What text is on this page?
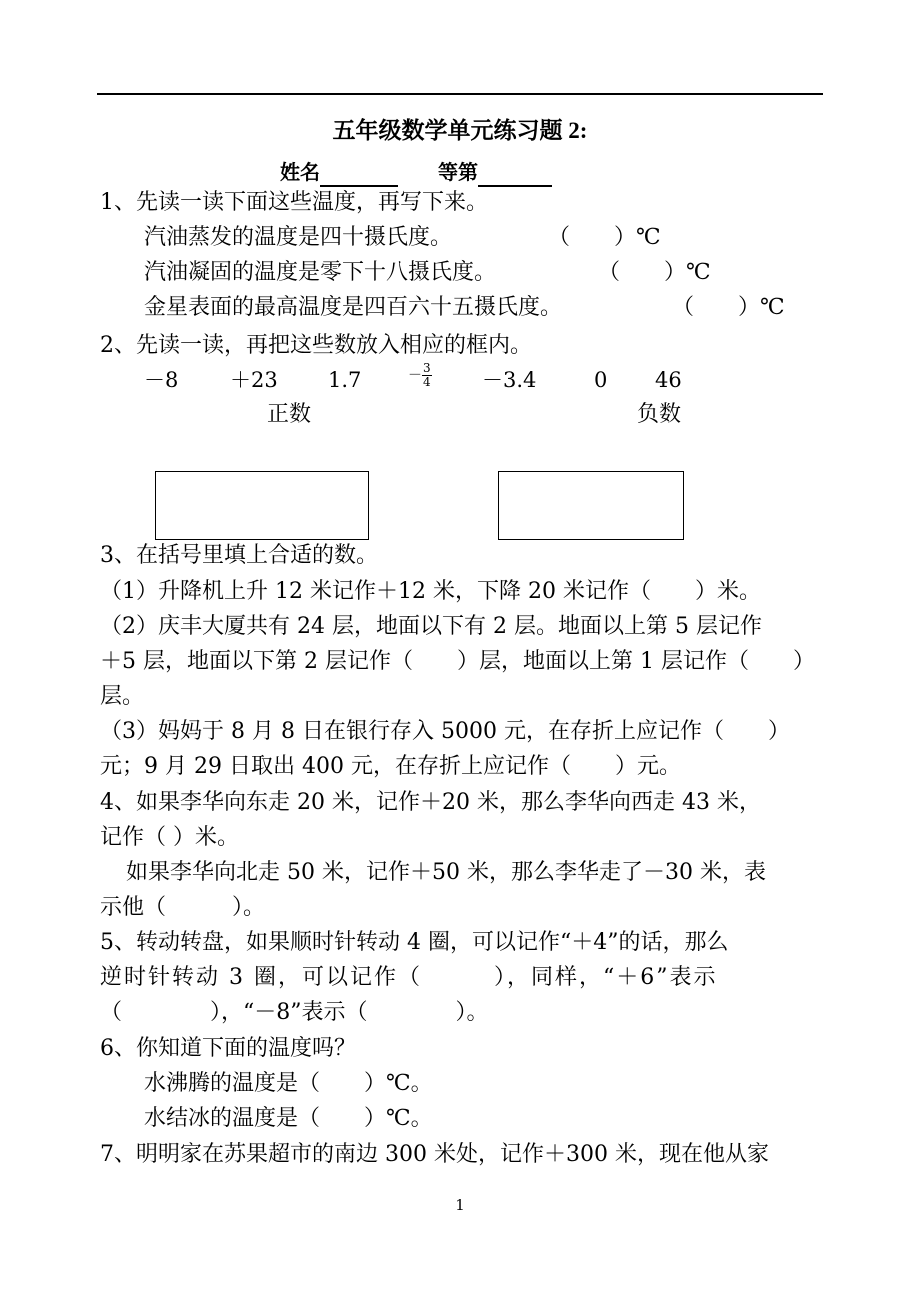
五年级数学单元练习题 2:
姓名	等第
1、先读一读下面这些温度，再写下来。
汽油蒸发的温度是四十摄氏度。	（　　）℃
汽油凝固的温度是零下十八摄氏度。	（　　）℃
金星表面的最高温度是四百六十五摄氏度。	（　　）℃
2、先读一读，再把这些数放入相应的框内。
－8 ＋23 1.7	－ $\frac{3}{4} -3.4$	0 46
正数	负数
3、在括号里填上合适的数。
（1）升降机上升 12 米记作＋12 米，下降 20 米记作（　　）米。
（2）庆丰大厦共有 24 层，地面以下有 2 层。地面以上第 5 层记作
＋5 层，地面以下第 2 层记作（　　）层，地面以上第 1 层记作（　　）
层。
（3）妈妈于 8 月 8 日在银行存入 5000 元，在存折上应记作（　　）
元；9 月 29 日取出 400 元，在存折上应记作（　　）元。
4、如果李华向东走 20 米，记作＋20 米，那么李华向西走 43 米，
记作（ ）米。
如果李华向北走 50 米，记作＋50 米，那么李华走了－30 米，表
示他（　　　）。
5、转动转盘，如果顺时针转动 4 圈，可以记作“＋4”的话，那么
逆时针转动 3 圈，可以记作（　　　），同样，“＋6”表示
（　　　　），“－8”表示（　　　　）。
6、你知道下面的温度吗？
水沸腾的温度是（　　）℃。
水结冰的温度是（　　）℃。
7、明明家在苏果超市的南边 300 米处，记作＋300 米，现在他从家
1
